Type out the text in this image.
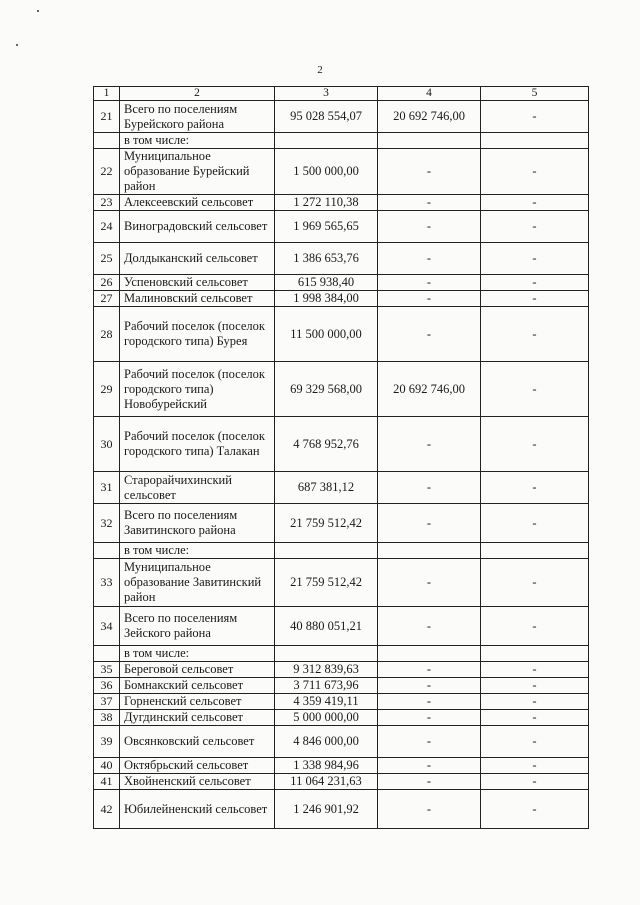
2
1	2	3	4	5
21	Всего по поселениям Бурейского района	95 028 554,07	20 692 746,00	-
	в том числе:			
22	Муниципальное образование Бурейский район	1 500 000,00	-	-
23	Алексеевский сельсовет	1 272 110,38	-	-
24	Виноградовский сельсовет	1 969 565,65	-	-
25	Долдыканский сельсовет	1 386 653,76	-	-
26	Успеновский сельсовет	615 938,40	-	-
27	Малиновский сельсовет	1 998 384,00	-	-
28	Рабочий поселок (поселок городского типа) Бурея	11 500 000,00	-	-
29	Рабочий поселок (поселок городского типа) Новобурейский	69 329 568,00	20 692 746,00	-
30	Рабочий поселок (поселок городского типа) Талакан	4 768 952,76	-	-
31	Старорайчихинский сельсовет	687 381,12	-	-
32	Всего по поселениям Завитинского района	21 759 512,42	-	-
	в том числе:			
33	Муниципальное образование Завитинский район	21 759 512,42	-	-
34	Всего по поселениям Зейского района	40 880 051,21	-	-
	в том числе:			
35	Береговой сельсовет	9 312 839,63	-	-
36	Бомнакский сельсовет	3 711 673,96	-	-
37	Горненский сельсовет	4 359 419,11	-	-
38	Дугдинский сельсовет	5 000 000,00	-	-
39	Овсянковский сельсовет	4 846 000,00	-	-
40	Октябрьский сельсовет	1 338 984,96	-	-
41	Хвойненский сельсовет	11 064 231,63	-	-
42	Юбилейненский сельсовет	1 246 901,92	-	-
